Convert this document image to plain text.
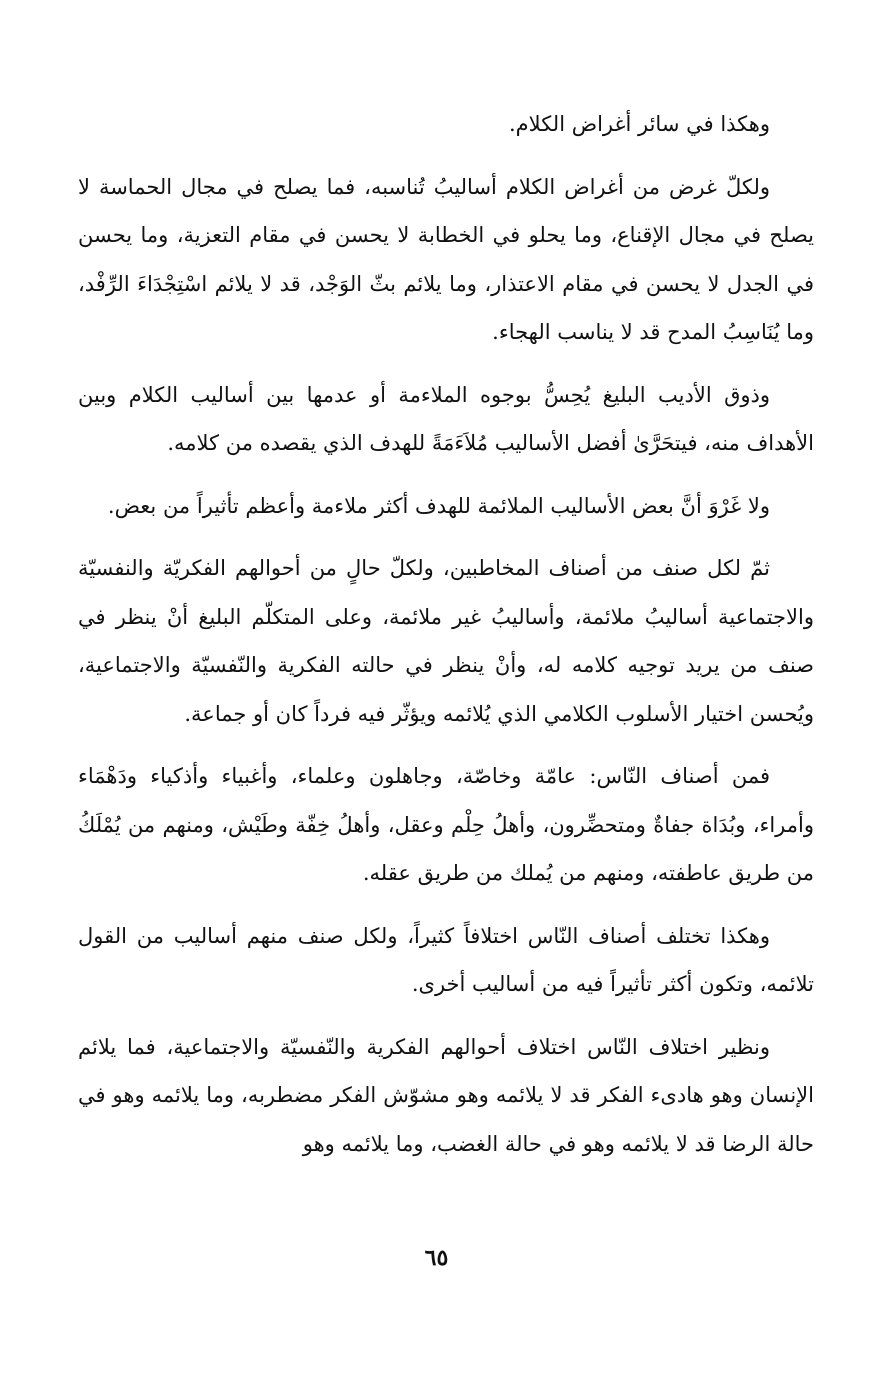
وهكذا في سائر أغراض الكلام.

ولكلّ غرض من أغراض الكلام أساليبُ تُناسبه، فما يصلح في مجال الحماسة لا يصلح في مجال الإقناع، وما يحلو في الخطابة لا يحسن في مقام التعزية، وما يحسن في الجدل لا يحسن في مقام الاعتذار، وما يلائم بثّ الوَجْد، قد لا يلائم اسْتِجْدَاءَ الرِّفْد، وما يُنَاسِبُ المدح قد لا يناسب الهجاء.

وذوق الأديب البليغ يُحِسُّ بوجوه الملاءمة أو عدمها بين أساليب الكلام وبين الأهداف منه، فيتحَرَّىٰ أفضل الأساليب مُلاَءَمَةً للهدف الذي يقصده من كلامه.

ولا غَرْوَ أنَّ بعض الأساليب الملائمة للهدف أكثر ملاءمة وأعظم تأثيراً من بعض.

ثمّ لكل صنف من أصناف المخاطبين، ولكلّ حالٍ من أحوالهم الفكريّة والنفسيّة والاجتماعية أساليبُ ملائمة، وأساليبُ غير ملائمة، وعلى المتكلّم البليغ أنْ ينظر في صنف من يريد توجيه كلامه له، وأنْ ينظر في حالته الفكرية والنّفسيّة والاجتماعية، ويُحسن اختيار الأسلوب الكلامي الذي يُلائمه ويؤثّر فيه فرداً كان أو جماعة.

فمن أصناف النّاس: عامّة وخاصّة، وجاهلون وعلماء، وأغبياء وأذكياء ودَهْمَاء وأمراء، وبُدَاة جفاةٌ ومتحضِّرون، وأهلُ حِلْم وعقل، وأهلُ خِفّة وطَيْش، ومنهم من يُمْلَكُ من طريق عاطفته، ومنهم من يُملك من طريق عقله.

وهكذا تختلف أصناف النّاس اختلافاً كثيراً، ولكل صنف منهم أساليب من القول تلائمه، وتكون أكثر تأثيراً فيه من أساليب أخرى.

ونظير اختلاف النّاس اختلاف أحوالهم الفكرية والنّفسيّة والاجتماعية، فما يلائم الإنسان وهو هادىء الفكر قد لا يلائمه وهو مشوّش الفكر مضطربه، وما يلائمه وهو في حالة الرضا قد لا يلائمه وهو في حالة الغضب، وما يلائمه وهو

٦٥
